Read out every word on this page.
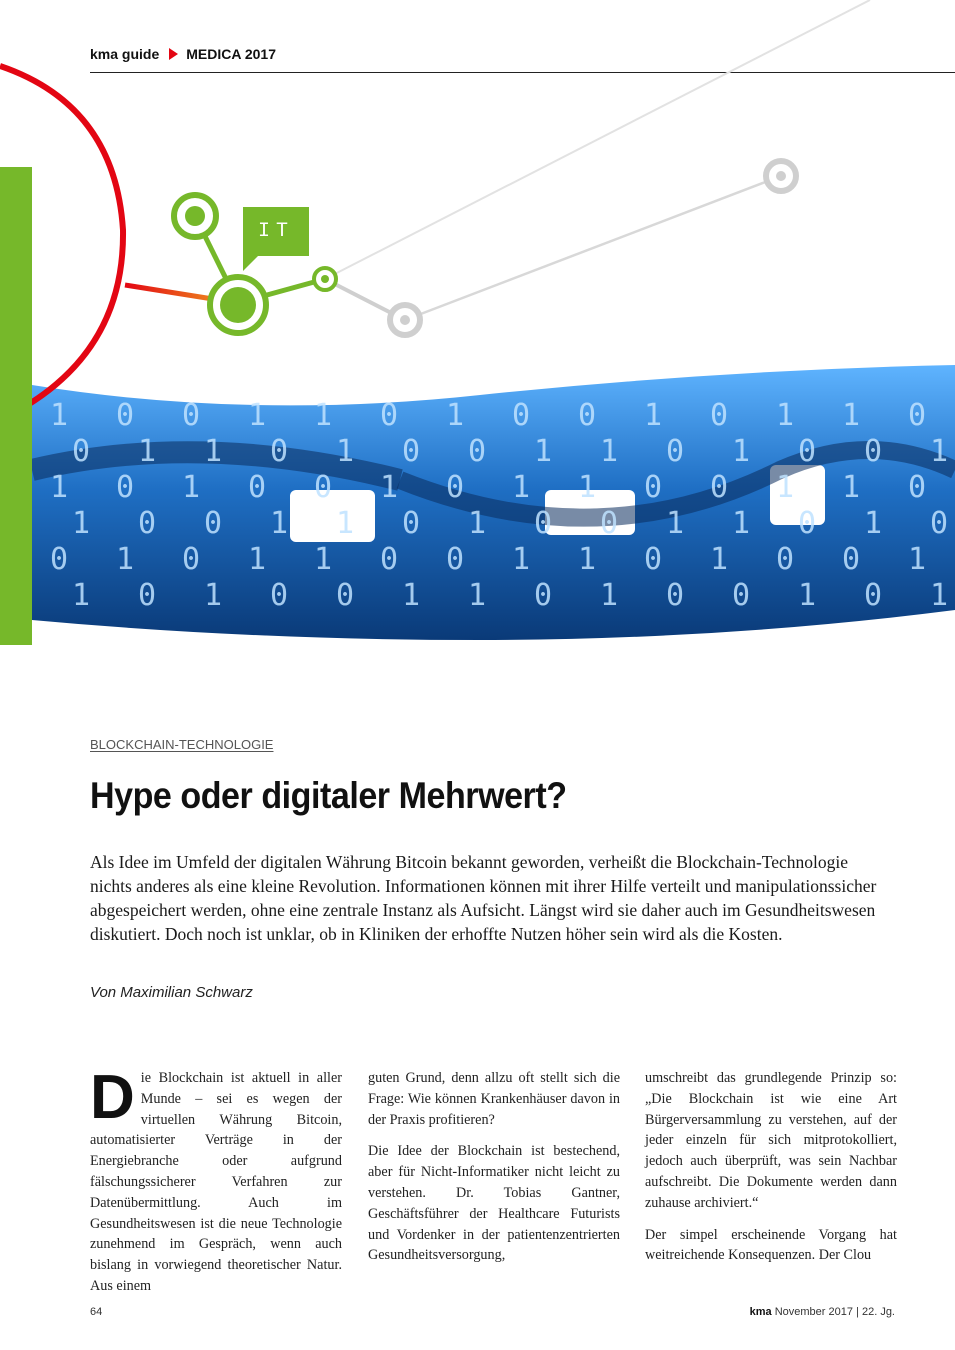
kma guide MEDICA 2017
1 0 0 1 1 0 1 0 0 1 0 1 1 0
0 1 1 0 1 0 0 1 1 0 1 0 0 1
1 0 1 0 0 1 0 1 1 0 0 1 1 0
1 0 0 1 1 0 1 0 0 1 1 0 1 0
0 1 0 1 1 0 0 1 1 0 1 0 0 1
1 0 1 0 0 1 1 0 1 0 0 1 0 1
IT
BLOCKCHAIN-TECHNOLOGIE
Hype oder digitaler Mehrwert?
Als Idee im Umfeld der digitalen Währung Bitcoin bekannt geworden, verheißt die Blockchain-Technologie nichts anderes als eine kleine Revolution. Informationen können mit ihrer Hilfe verteilt und manipulationssicher abgespeichert werden, ohne eine zentrale Instanz als Aufsicht. Längst wird sie daher auch im Gesundheitswesen diskutiert. Doch noch ist unklar, ob in Kliniken der erhoffte Nutzen höher sein wird als die Kosten.
Von Maximilian Schwarz

Die Blockchain ist aktuell in aller Munde – sei es wegen der virtuellen Währung Bitcoin, automatisierter Verträge in der Energiebranche oder aufgrund fälschungssicherer Verfahren zur Datenübermittlung. Auch im Gesundheitswesen ist die neue Technologie zunehmend im Gespräch, wenn auch bislang in vorwiegend theoretischer Natur. Aus einem

guten Grund, denn allzu oft stellt sich die Frage: Wie können Krankenhäuser davon in der Praxis profitieren?

Die Idee der Blockchain ist bestechend, aber für Nicht-Informatiker nicht leicht zu verstehen. Dr. Tobias Gantner, Geschäftsführer der Healthcare Futurists und Vordenker in der patientenzentrierten Gesundheitsversorgung,

umschreibt das grundlegende Prinzip so: „Die Blockchain ist wie eine Art Bürgerversammlung zu verstehen, auf der jeder einzeln für sich mitprotokolliert, jedoch auch überprüft, was sein Nachbar aufschreibt. Die Dokumente werden dann zuhause archiviert.“

Der simpel erscheinende Vorgang hat weitreichende Konsequenzen. Der Clou

64	kma November 2017 | 22. Jg.
